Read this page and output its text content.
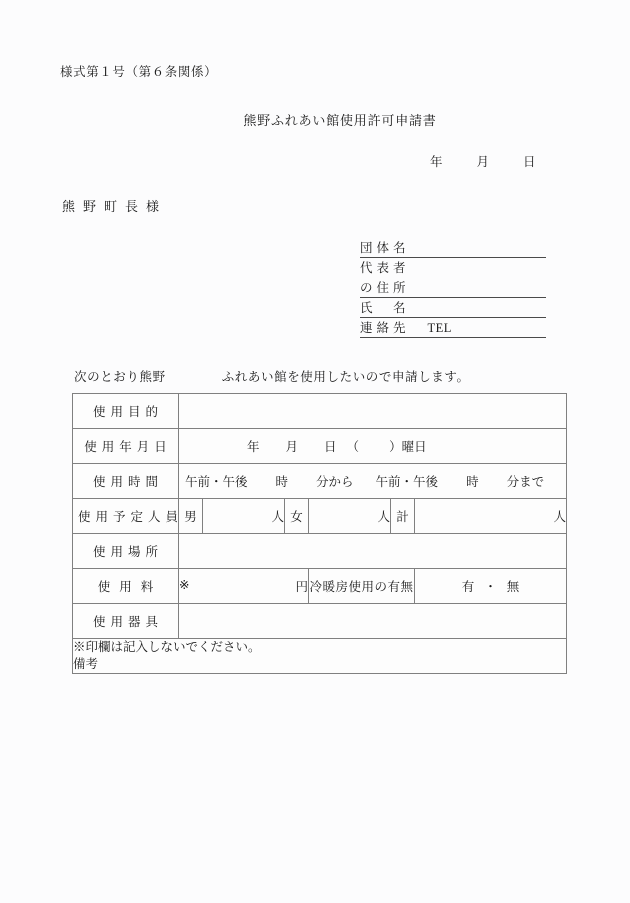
様式第１号（第６条関係）
熊野ふれあい館使用許可申請書
年	月	日
熊野町長様
団体名
代表者
の住所
氏　名
連絡先 TEL
次のとおり熊野	ふれあい館を使用したいので申請します。
使用目的						
使用年月日	年 月 日 （ ）曜日					

使用時間	午前・午後 時 分から 午前・午後 時 分まで					

使用予定人員	男	人	女	人	計	人
使用場所						
使用料	※ 円			冷暖房使用の有無		有・無
使用器具						

※印欄は記入しないでください。
備考						
